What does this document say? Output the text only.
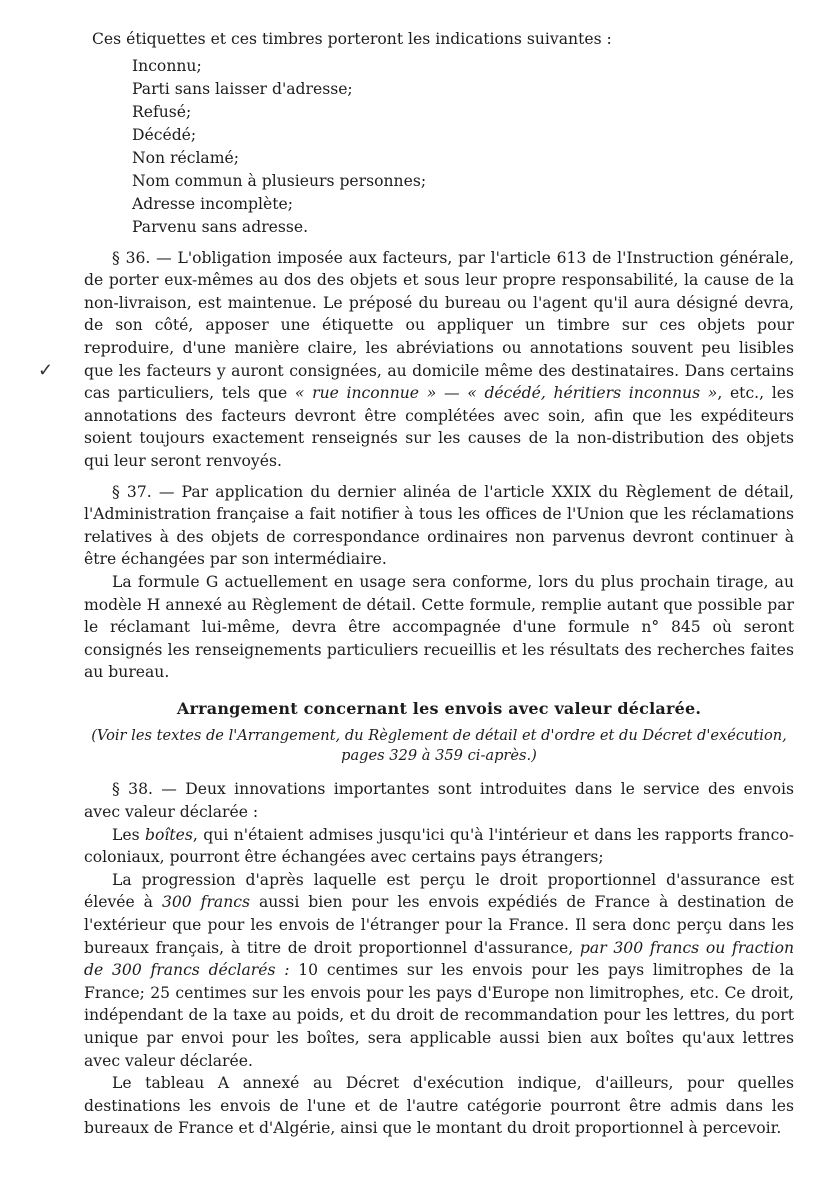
Ces étiquettes et ces timbres porteront les indications suivantes :

Inconnu;
Parti sans laisser d'adresse;
Refusé;
Décédé;
Non réclamé;
Nom commun à plusieurs personnes;
Adresse incomplète;
Parvenu sans adresse.

§ 36. — L'obligation imposée aux facteurs, par l'article 613 de l'Instruction générale, de porter eux-mêmes au dos des objets et sous leur propre responsabilité, la cause de la non-livraison, est maintenue. Le préposé du bureau ou l'agent qu'il aura désigné devra, de son côté, apposer une étiquette ou appliquer un timbre sur ces objets pour reproduire, d'une manière claire, les abréviations ou annotations souvent peu lisibles que les facteurs y auront consignées, au domicile même des destinataires. Dans certains cas particuliers, tels que « rue inconnue » — « décédé, héritiers inconnus », etc., les annotations des facteurs devront être complétées avec soin, afin que les expéditeurs soient toujours exactement renseignés sur les causes de la non-distribution des objets qui leur seront renvoyés.

§ 37. — Par application du dernier alinéa de l'article XXIX du Règlement de détail, l'Administration française a fait notifier à tous les offices de l'Union que les réclamations relatives à des objets de correspondance ordinaires non parvenus devront continuer à être échangées par son intermédiaire.

La formule G actuellement en usage sera conforme, lors du plus prochain tirage, au modèle H annexé au Règlement de détail. Cette formule, remplie autant que possible par le réclamant lui-même, devra être accompagnée d'une formule n° 845 où seront consignés les renseignements particuliers recueillis et les résultats des recherches faites au bureau.

Arrangement concernant les envois avec valeur déclarée.
(Voir les textes de l'Arrangement, du Règlement de détail et d'ordre et du Décret d'exécution, pages 329 à 359 ci-après.)

§ 38. — Deux innovations importantes sont introduites dans le service des envois avec valeur déclarée :

Les boîtes, qui n'étaient admises jusqu'ici qu'à l'intérieur et dans les rapports franco-coloniaux, pourront être échangées avec certains pays étrangers;

La progression d'après laquelle est perçu le droit proportionnel d'assurance est élevée à 300 francs aussi bien pour les envois expédiés de France à destination de l'extérieur que pour les envois de l'étranger pour la France. Il sera donc perçu dans les bureaux français, à titre de droit proportionnel d'assurance, par 300 francs ou fraction de 300 francs déclarés : 10 centimes sur les envois pour les pays limitrophes de la France; 25 centimes sur les envois pour les pays d'Europe non limitrophes, etc. Ce droit, indépendant de la taxe au poids, et du droit de recommandation pour les lettres, du port unique par envoi pour les boîtes, sera applicable aussi bien aux boîtes qu'aux lettres avec valeur déclarée.

Le tableau A annexé au Décret d'exécution indique, d'ailleurs, pour quelles destinations les envois de l'une et de l'autre catégorie pourront être admis dans les bureaux de France et d'Algérie, ainsi que le montant du droit proportionnel à percevoir.

✓
